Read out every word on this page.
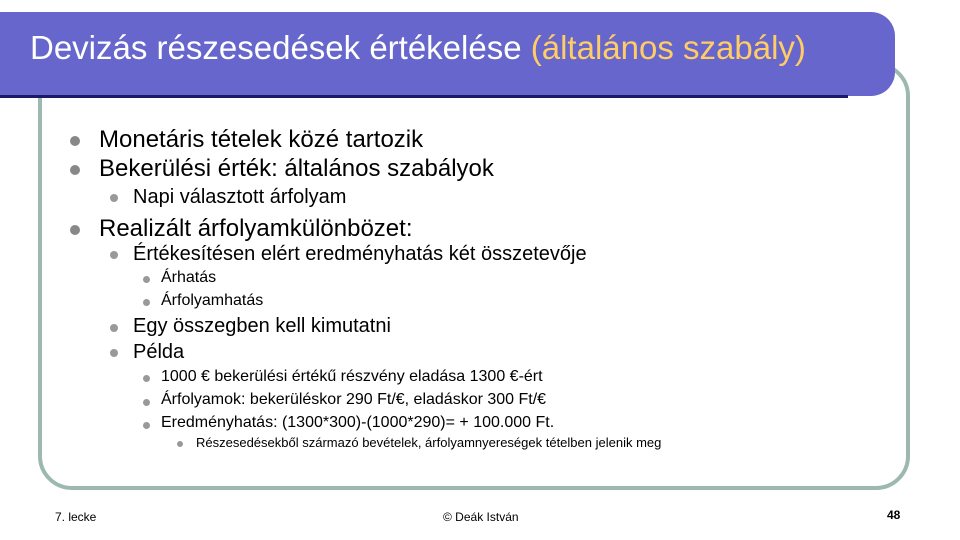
Devizás részesedések értékelése (általános szabály)
Monetáris tételek közé tartozik
Bekerülési érték: általános szabályok
Napi választott árfolyam
Realizált árfolyamkülönbözet:
Értékesítésen elért eredményhatás két összetevője
Árhatás
Árfolyamhatás
Egy összegben kell kimutatni
Példa
1000 € bekerülési értékű részvény eladása 1300 €-ért
Árfolyamok: bekerüléskor 290 Ft/€, eladáskor 300 Ft/€
Eredményhatás: (1300*300)-(1000*290)= + 100.000 Ft.
Részesedésekből származó bevételek, árfolyamnyereségek tételben jelenik meg
7. lecke	© Deák István	48
